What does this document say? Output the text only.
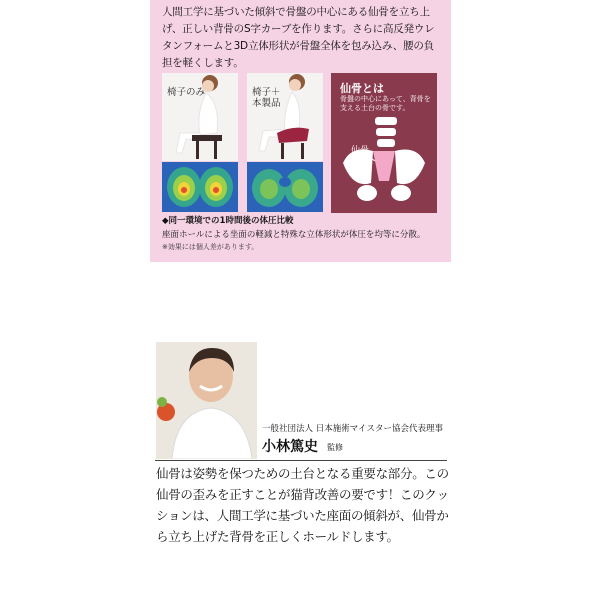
人間工学に基づいた傾斜で骨盤の中心にある仙骨を立ち上げ、正しい背骨のS字カーブを作ります。さらに高反発ウレタンフォームと3D立体形状が骨盤全体を包み込み、腰の負担を軽くします。
椅子のみ	椅子＋
本製品
仙骨とは
骨盤の中心にあって、背骨を支える土台の骨です。
仙骨
◆同一環境での1時間後の体圧比較
座面ホールによる坐面の軽減と特殊な立体形状が体圧を均等に分散。
※効果には個人差があります。
一般社団法人 日本施術マイスター協会代表理事
小林篤史 監修
仙骨は姿勢を保つための土台となる重要な部分。この仙骨の歪みを正すことが猫背改善の要です！このクッションは、人間工学に基づいた座面の傾斜が、仙骨から立ち上げた背骨を正しくホールドします。
